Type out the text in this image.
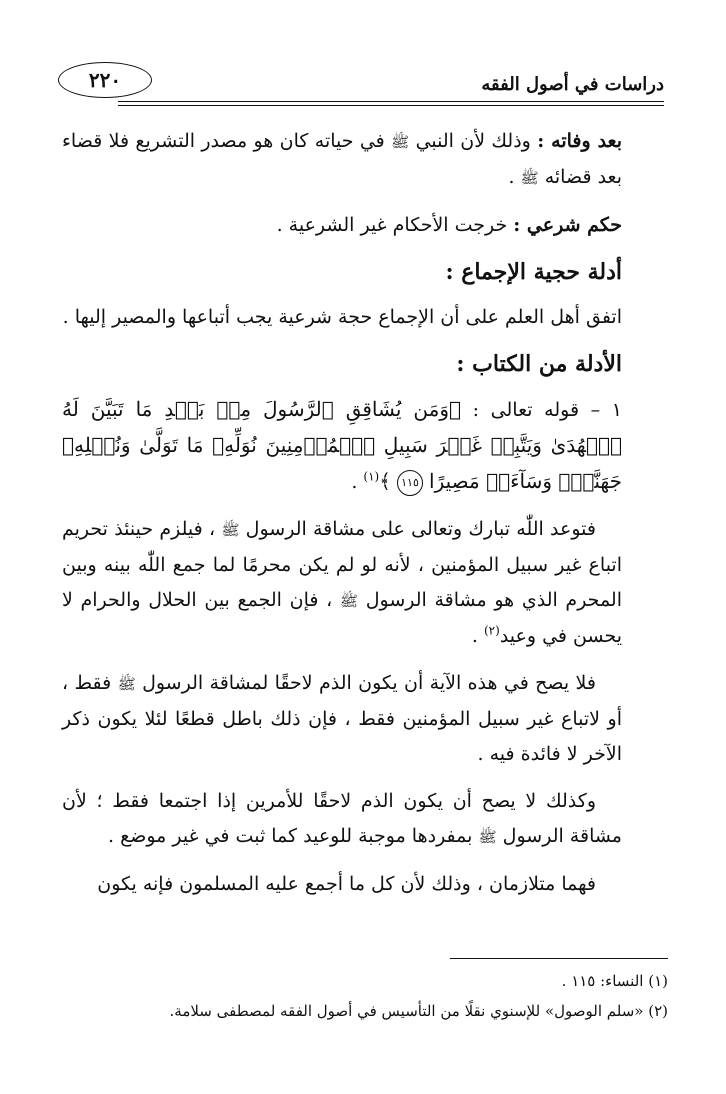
دراسات في أصول الفقه
٢٢٠

بعد وفاته : وذلك لأن النبي ﷺ في حياته كان هو مصدر التشريع فلا قضاء بعد قضائه ﷺ .

حكم شرعي : خرجت الأحكام غير الشرعية .

أدلة حجية الإجماع :

اتفق أهل العلم على أن الإجماع حجة شرعية يجب أتباعها والمصير إليها .

الأدلة من الكتاب :

١ – قوله تعالى : ﴿وَمَن يُشَاقِقِ ٱلرَّسُولَ مِنۢ بَعۡدِ مَا تَبَيَّنَ لَهُ ٱلۡهُدَىٰ وَيَتَّبِعۡ غَيۡرَ سَبِيلِ ٱلۡمُؤۡمِنِينَ نُوَلِّهِۦ مَا تَوَلَّىٰ وَنُصۡلِهِۦ جَهَنَّمَۖ وَسَآءَتۡ مَصِيرًا ١١٥ ﴾$^{(١)}$ .

فتوعد اللّٰه تبارك وتعالى على مشاقة الرسول ﷺ ، فيلزم حينئذ تحريم اتباع غير سبيل المؤمنين ، لأنه لو لم يكن محرمًا لما جمع اللّٰه بينه وبين المحرم الذي هو مشاقة الرسول ﷺ ، فإن الجمع بين الحلال والحرام لا يحسن في وعيد$^{(٢)}$ .

فلا يصح في هذه الآية أن يكون الذم لاحقًا لمشاقة الرسول ﷺ فقط ، أو لاتباع غير سبيل المؤمنين فقط ، فإن ذلك باطل قطعًا لئلا يكون ذكر الآخر لا فائدة فيه .

وكذلك لا يصح أن يكون الذم لاحقًا للأمرين إذا اجتمعا فقط ؛ لأن مشاقة الرسول ﷺ بمفردها موجبة للوعيد كما ثبت في غير موضع .

فهما متلازمان ، وذلك لأن كل ما أجمع عليه المسلمون فإنه يكون

(١) النساء: ١١٥ .

(٢) «سلم الوصول» للإسنوي نقلًا من التأسيس في أصول الفقه لمصطفى سلامة.
